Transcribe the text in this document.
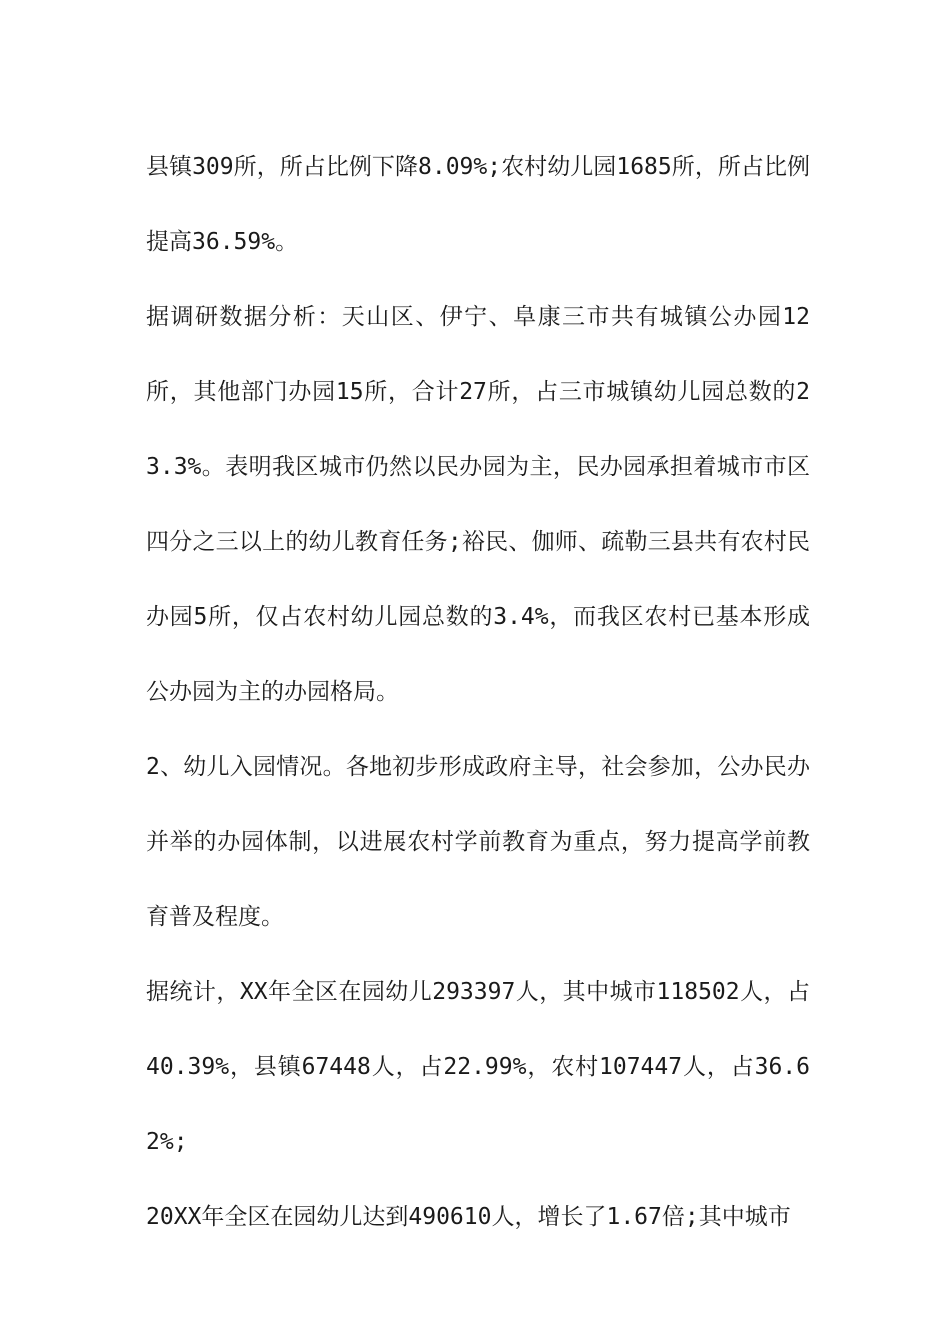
县镇309所，所占比例下降8.09%;农村幼儿园1685所，所占比例提高36.59%。

据调研数据分析：天山区、伊宁、阜康三市共有城镇公办园12所，其他部门办园15所，合计27所，占三市城镇幼儿园总数的23.3%。表明我区城市仍然以民办园为主，民办园承担着城市市区四分之三以上的幼儿教育任务;裕民、伽师、疏勒三县共有农村民办园5所，仅占农村幼儿园总数的3.4%，而我区农村已基本形成公办园为主的办园格局。

2、幼儿入园情况。各地初步形成政府主导，社会参加，公办民办并举的办园体制，以进展农村学前教育为重点，努力提高学前教育普及程度。

据统计，XX年全区在园幼儿293397人，其中城市118502人，占40.39%，县镇67448人，占22.99%，农村107447人，占36.62%;

20XX年全区在园幼儿达到490610人，增长了1.67倍;其中城市
